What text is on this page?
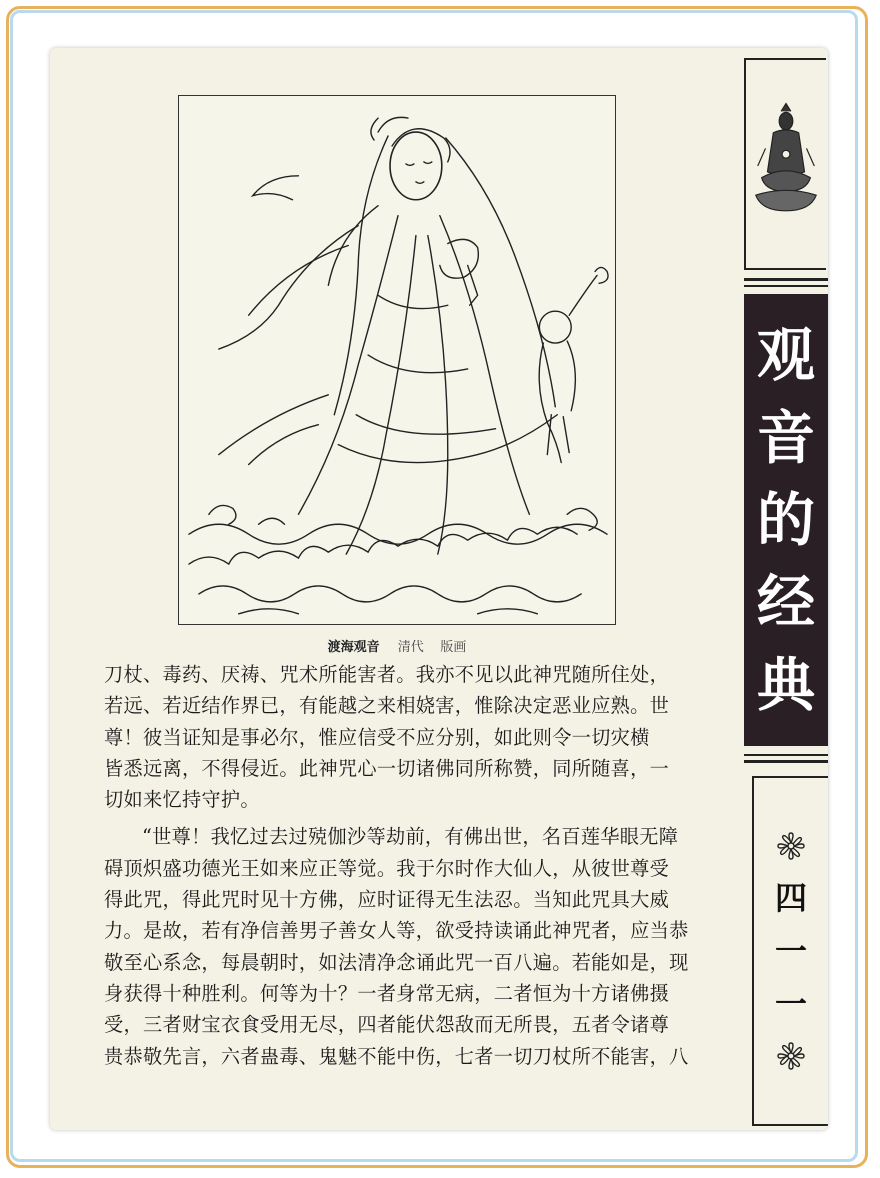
渡海观音 清代 版画
刀杖、毒药、厌祷、咒术所能害者。我亦不见以此神咒随所住处，
若远、若近结作界已，有能越之来相娆害，惟除决定恶业应熟。世
尊！彼当证知是事必尔，惟应信受不应分别，如此则令一切灾横
皆悉远离，不得侵近。此神咒心一切诸佛同所称赞，同所随喜，一
切如来忆持守护。
“世尊！我忆过去过殑伽沙等劫前，有佛出世，名百莲华眼无障
碍顶炽盛功德光王如来应正等觉。我于尔时作大仙人，从彼世尊受
得此咒，得此咒时见十方佛，应时证得无生法忍。当知此咒具大威
力。是故，若有净信善男子善女人等，欲受持读诵此神咒者，应当恭
敬至心系念，每晨朝时，如法清净念诵此咒一百八遍。若能如是，现
身获得十种胜利。何等为十？一者身常无病，二者恒为十方诸佛摄
受，三者财宝衣食受用无尽，四者能伏怨敌而无所畏，五者令诸尊
贵恭敬先言，六者蛊毒、鬼魅不能中伤，七者一切刀杖所不能害，八
观
音
的
经
典
四
一
一
